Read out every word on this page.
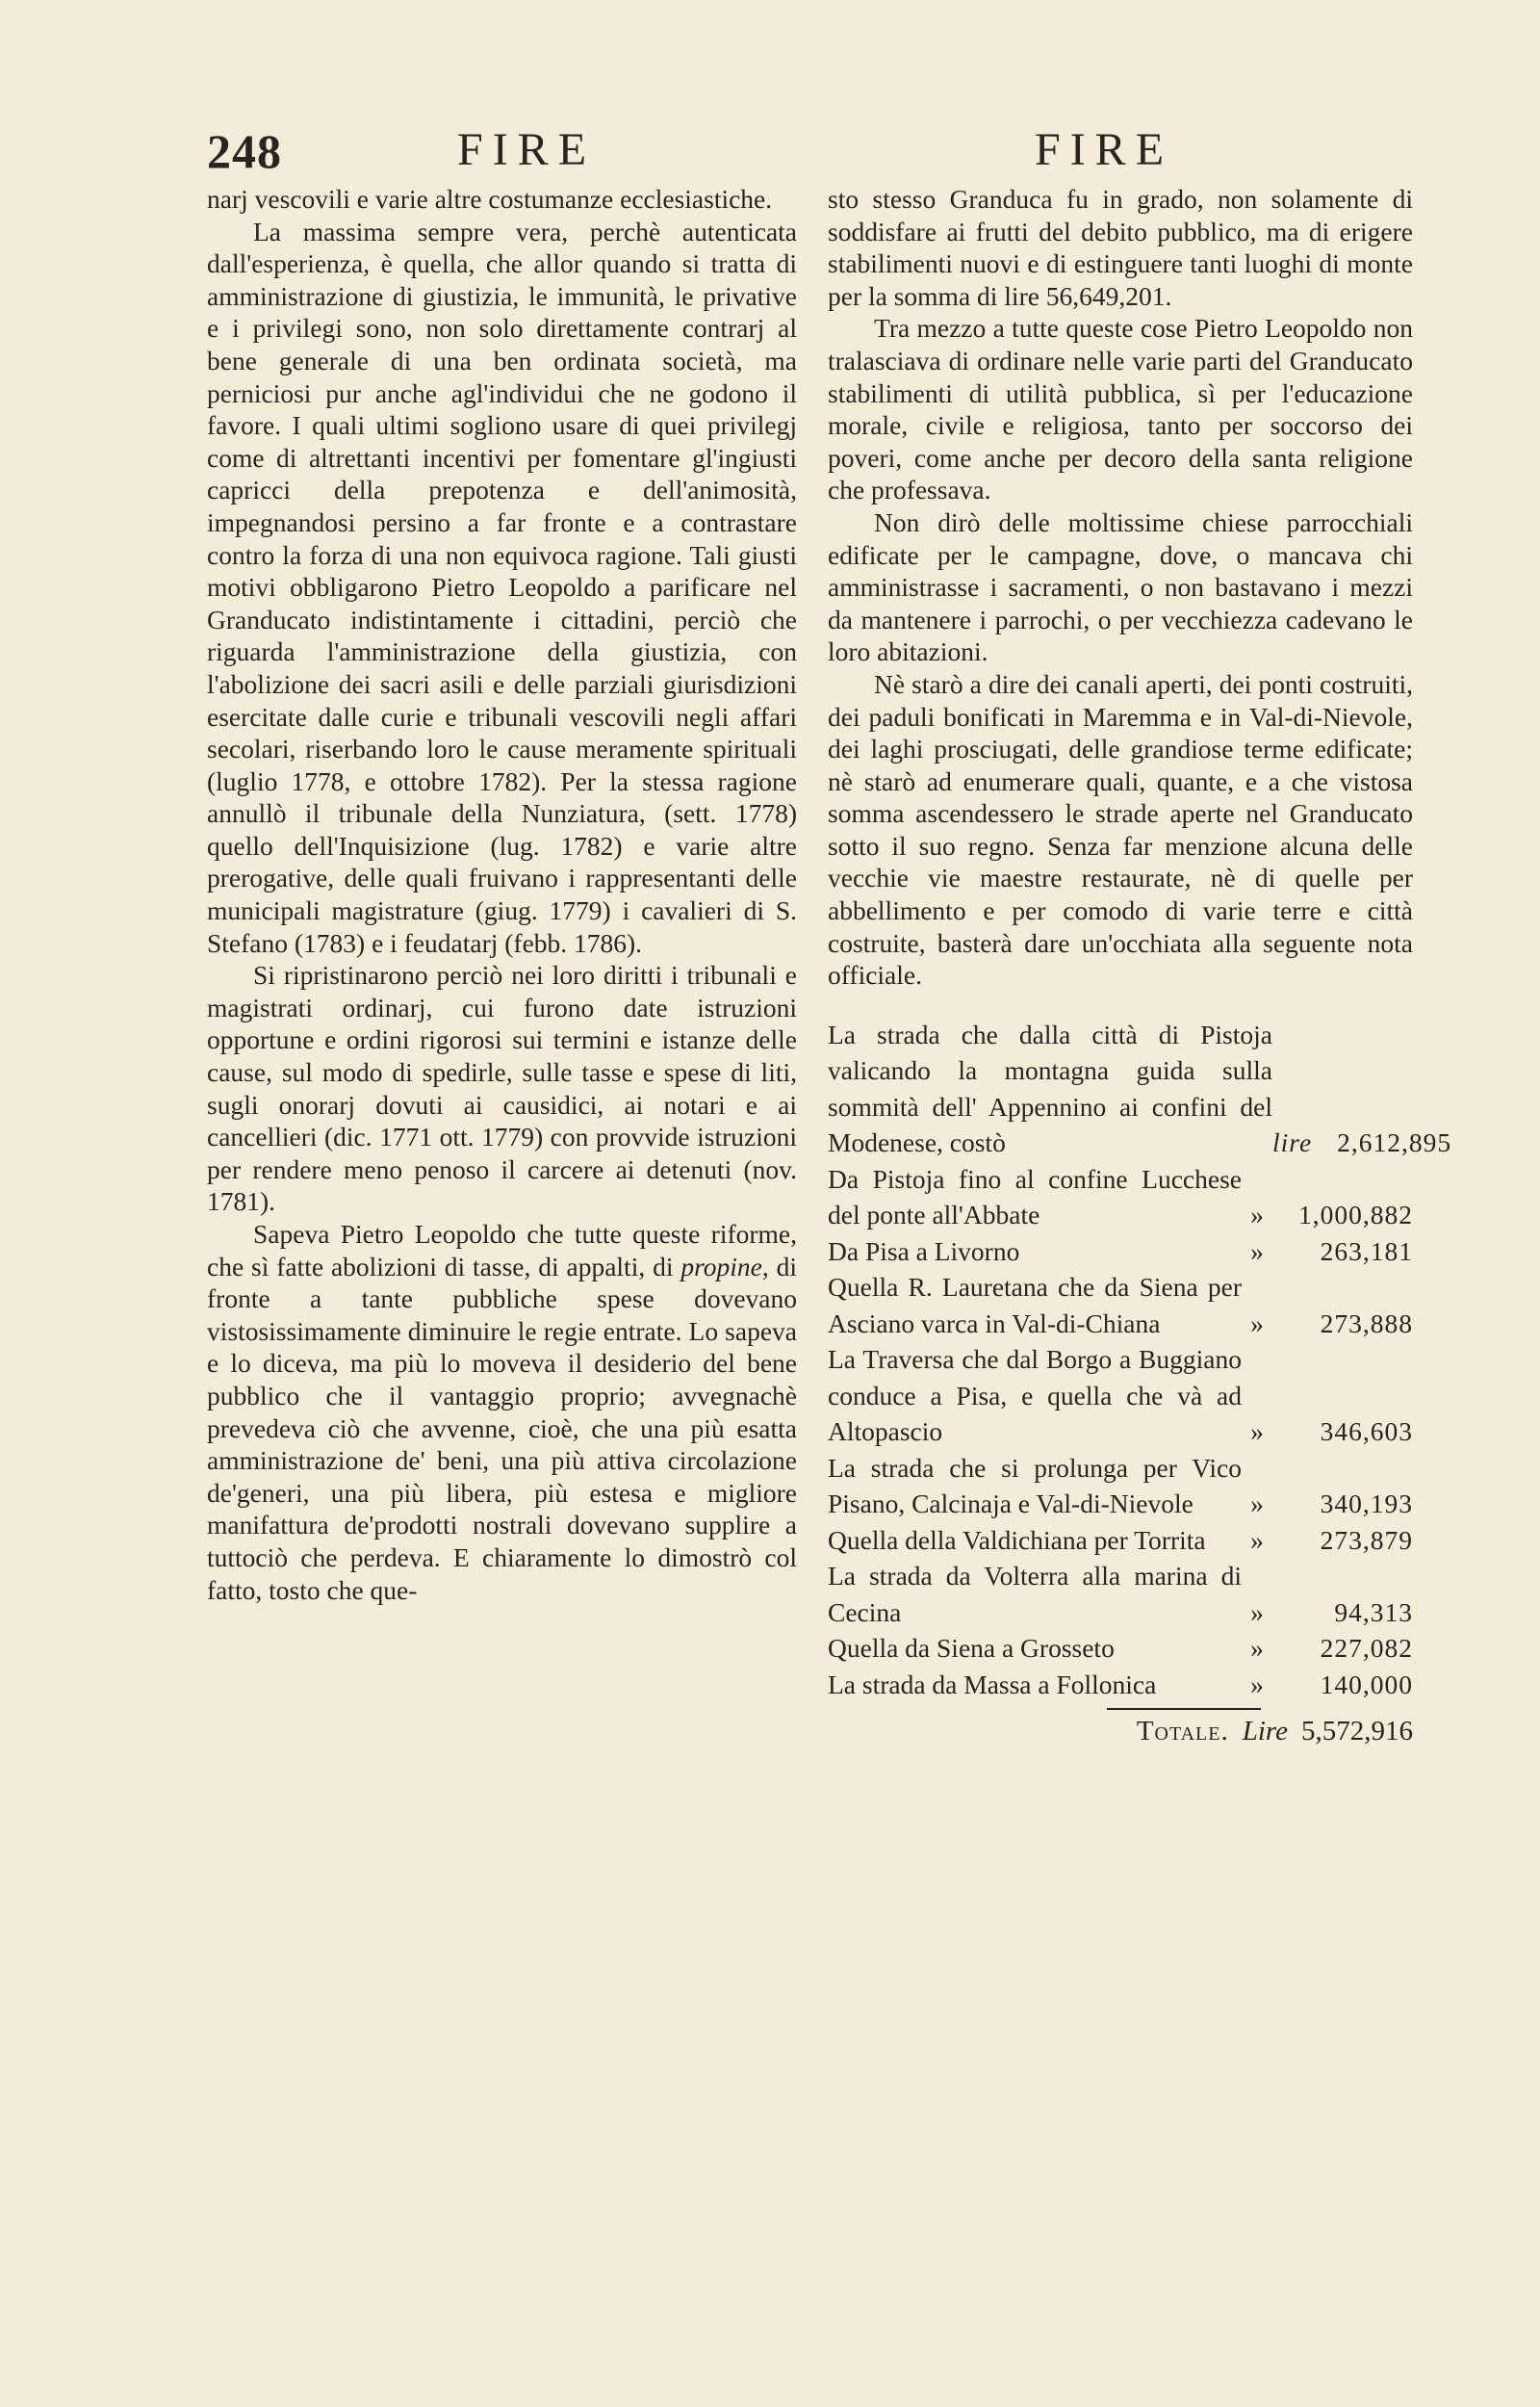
248	FIRE	FIRE

narj vescovili e varie altre costumanze ecclesiastiche.

La massima sempre vera, perchè autenticata dall'esperienza, è quella, che allor quando si tratta di amministrazione di giustizia, le immunità, le privative e i privilegi sono, non solo direttamente contrarj al bene generale di una ben ordinata società, ma perniciosi pur anche agl'individui che ne godono il favore. I quali ultimi sogliono usare di quei privilegj come di altrettanti incentivi per fomentare gl'ingiusti capricci della prepotenza e dell'animosità, impegnandosi persino a far fronte e a contrastare contro la forza di una non equivoca ragione. Tali giusti motivi obbligarono Pietro Leopoldo a parificare nel Granducato indistintamente i cittadini, perciò che riguarda l'amministrazione della giustizia, con l'abolizione dei sacri asili e delle parziali giurisdizioni esercitate dalle curie e tribunali vescovili negli affari secolari, riserbando loro le cause meramente spirituali (luglio 1778, e ottobre 1782). Per la stessa ragione annullò il tribunale della Nunziatura, (sett. 1778) quello dell'Inquisizione (lug. 1782) e varie altre prerogative, delle quali fruivano i rappresentanti delle municipali magistrature (giug. 1779) i cavalieri di S. Stefano (1783) e i feudatarj (febb. 1786).

Si ripristinarono perciò nei loro diritti i tribunali e magistrati ordinarj, cui furono date istruzioni opportune e ordini rigorosi sui termini e istanze delle cause, sul modo di spedirle, sulle tasse e spese di liti, sugli onorarj dovuti ai causidici, ai notari e ai cancellieri (dic. 1771 ott. 1779) con provvide istruzioni per rendere meno penoso il carcere ai detenuti (nov. 1781).

Sapeva Pietro Leopoldo che tutte queste riforme, che sì fatte abolizioni di tasse, di appalti, di propine, di fronte a tante pubbliche spese dovevano vistosissimamente diminuire le regie entrate. Lo sapeva e lo diceva, ma più lo moveva il desiderio del bene pubblico che il vantaggio proprio; avvegnachè prevedeva ciò che avvenne, cioè, che una più esatta amministrazione de' beni, una più attiva circolazione de'generi, una più libera, più estesa e migliore manifattura de'prodotti nostrali dovevano supplire a tuttociò che perdeva. E chiaramente lo dimostrò col fatto, tosto che que-

sto stesso Granduca fu in grado, non solamente di soddisfare ai frutti del debito pubblico, ma di erigere stabilimenti nuovi e di estinguere tanti luoghi di monte per la somma di lire 56,649,201.

Tra mezzo a tutte queste cose Pietro Leopoldo non tralasciava di ordinare nelle varie parti del Granducato stabilimenti di utilità pubblica, sì per l'educazione morale, civile e religiosa, tanto per soccorso dei poveri, come anche per decoro della santa religione che professava.

Non dirò delle moltissime chiese parrocchiali edificate per le campagne, dove, o mancava chi amministrasse i sacramenti, o non bastavano i mezzi da mantenere i parrochi, o per vecchiezza cadevano le loro abitazioni.

Nè starò a dire dei canali aperti, dei ponti costruiti, dei paduli bonificati in Maremma e in Val-di-Nievole, dei laghi prosciugati, delle grandiose terme edificate; nè starò ad enumerare quali, quante, e a che vistosa somma ascendessero le strade aperte nel Granducato sotto il suo regno. Senza far menzione alcuna delle vecchie vie maestre restaurate, nè di quelle per abbellimento e per comodo di varie terre e città costruite, basterà dare un'occhiata alla seguente nota officiale.

La strada che dalla città di Pistoja valicando la montagna guida sulla sommità dell' Appennino ai confini del Modenese, costò	lire 2,612,895
Da Pistoja fino al confine Lucchese del ponte all'Abbate	»	1,000,882
Da Pisa a Livorno	»	263,181
Quella R. Lauretana che da Siena per Asciano varca in Val-di-Chiana	»	273,888
La Traversa che dal Borgo a Buggiano conduce a Pisa, e quella che và ad Altopascio	»	346,603
La strada che si prolunga per Vico Pisano, Calcinaja e Val-di-Nievole	»	340,193
Quella della Valdichiana per Torrita	»	273,879
La strada da Volterra alla marina di Cecina	»	94,313
Quella da Siena a Grosseto	»	227,082
La strada da Massa a Follonica	»	140,000
Totale. Lire 5,572,916
